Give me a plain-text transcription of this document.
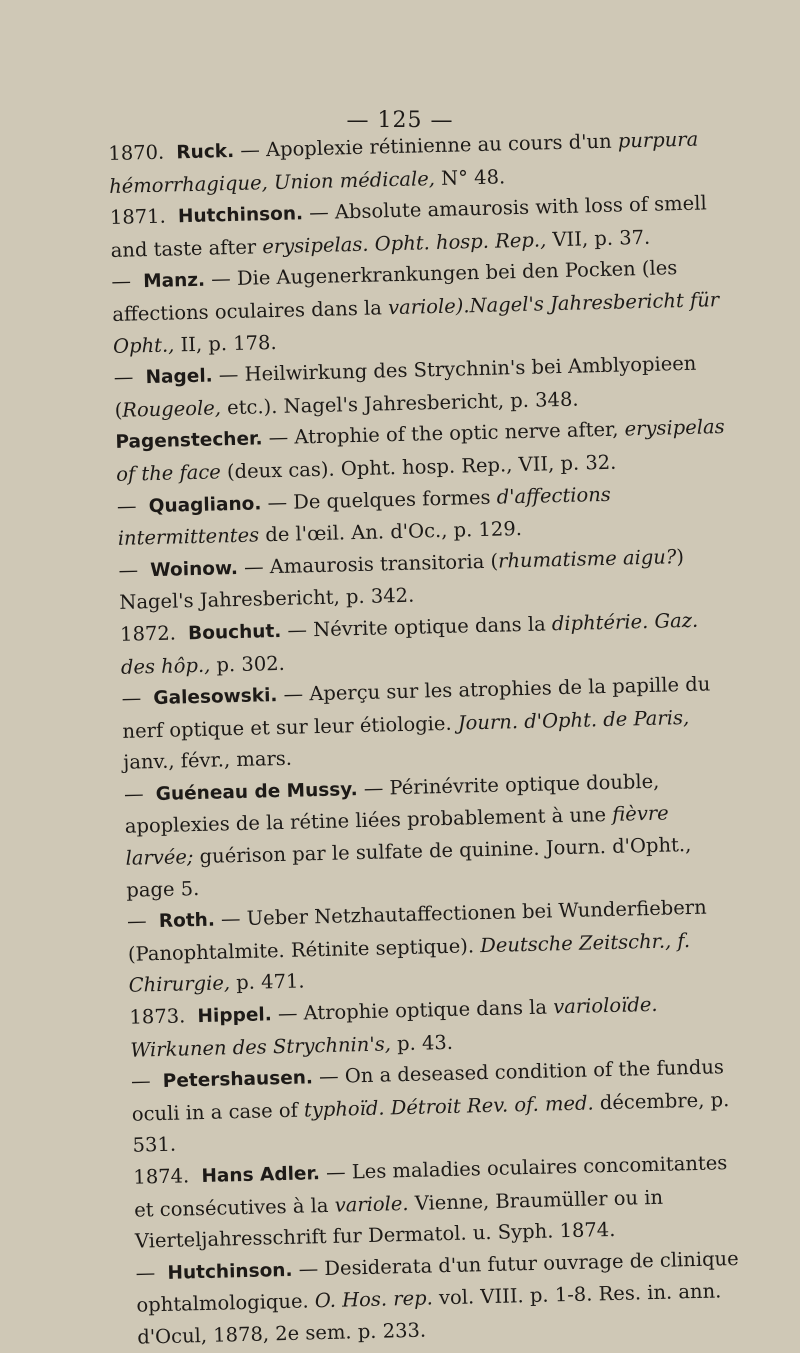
— 125 —

1870. Ruck. — Apoplexie rétinienne au cours d'un purpura hémorrhagique, Union médicale, N° 48.

1871. Hutchinson. — Absolute amaurosis with loss of smell and taste after erysipelas. Opht. hosp. Rep., VII, p. 37.

— Manz. — Die Augenerkrankungen bei den Pocken (les affections oculaires dans la variole).Nagel's Jahresbericht für Opht., II, p. 178.

— Nagel. — Heilwirkung des Strychnin's bei Amblyopieen (Rougeole, etc.). Nagel's Jahresbericht, p. 348.

Pagenstecher. — Atrophie of the optic nerve after, erysipelas of the face (deux cas). Opht. hosp. Rep., VII, p. 32.

— Quagliano. — De quelques formes d'affections intermittentes de l'œil. An. d'Oc., p. 129.

— Woinow. — Amaurosis transitoria (rhumatisme aigu?) Nagel's Jahresbericht, p. 342.

1872. Bouchut. — Névrite optique dans la diphtérie. Gaz. des hôp., p. 302.

— Galesowski. — Aperçu sur les atrophies de la papille du nerf optique et sur leur étiologie. Journ. d'Opht. de Paris, janv., févr., mars.

— Guéneau de Mussy. — Périnévrite optique double, apoplexies de la rétine liées probablement à une fièvre larvée; guérison par le sulfate de quinine. Journ. d'Opht., page 5.

— Roth. — Ueber Netzhautaffectionen bei Wunderfiebern (Panophtalmite. Rétinite septique). Deutsche Zeitschr., f. Chirurgie, p. 471.

1873. Hippel. — Atrophie optique dans la varioloïde. Wirkunen des Strychnin's, p. 43.

— Petershausen. — On a deseased condition of the fundus oculi in a case of typhoïd. Détroit Rev. of. med. décembre, p. 531.

1874. Hans Adler. — Les maladies oculaires concomitantes et consécutives à la variole. Vienne, Braumüller ou in Vierteljahresschrift fur Dermatol. u. Syph. 1874.

— Hutchinson. — Desiderata d'un futur ouvrage de clinique ophtalmologique. O. Hos. rep. vol. VIII. p. 1-8. Res. in. ann. d'Ocul, 1878, 2e sem. p. 233.
